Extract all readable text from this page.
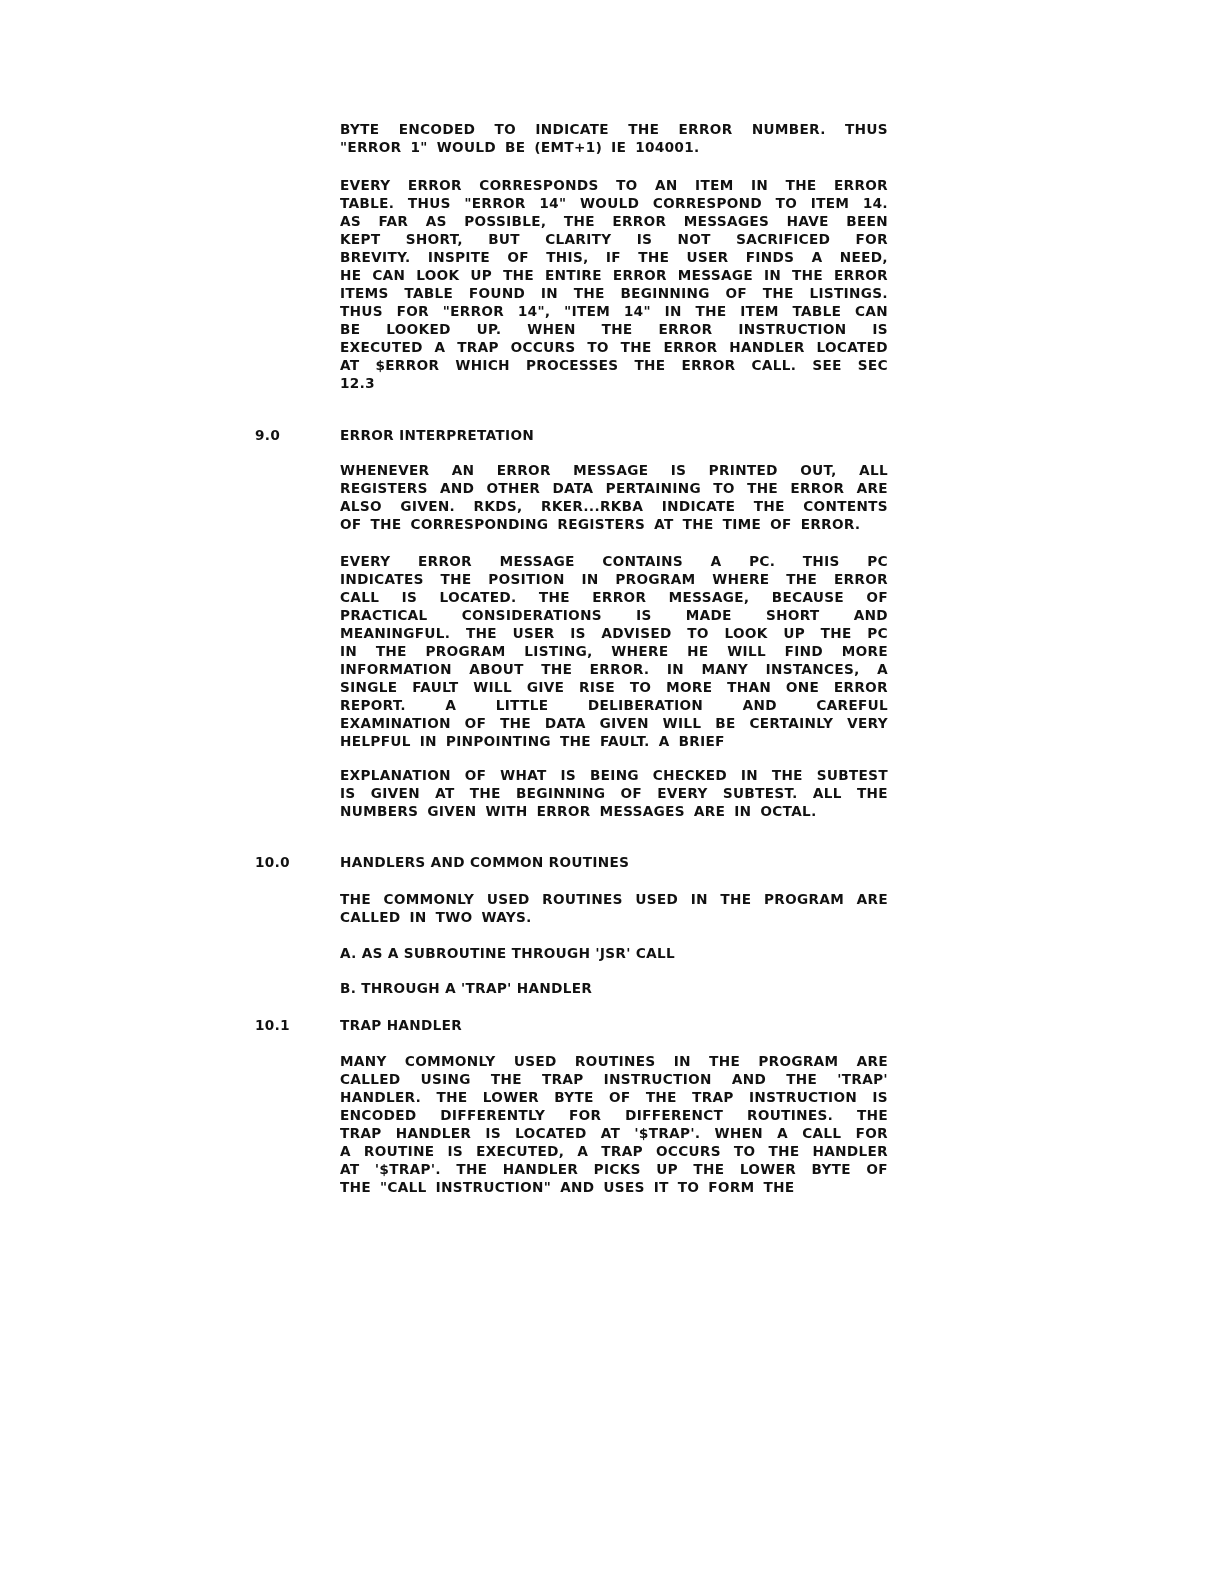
BYTE ENCODED TO INDICATE THE ERROR NUMBER. THUS
"ERROR 1" WOULD BE (EMT+1) IE 104001.
EVERY ERROR CORRESPONDS TO AN ITEM IN THE ERROR
TABLE. THUS "ERROR 14" WOULD CORRESPOND TO ITEM 14.
AS FAR AS POSSIBLE, THE ERROR MESSAGES HAVE BEEN
KEPT SHORT, BUT CLARITY IS NOT SACRIFICED FOR
BREVITY. INSPITE OF THIS, IF THE USER FINDS A NEED,
HE CAN LOOK UP THE ENTIRE ERROR MESSAGE IN THE ERROR
ITEMS TABLE FOUND IN THE BEGINNING OF THE LISTINGS.
THUS FOR "ERROR 14", "ITEM 14" IN THE ITEM TABLE CAN
BE LOOKED UP. WHEN THE ERROR INSTRUCTION IS
EXECUTED A TRAP OCCURS TO THE ERROR HANDLER LOCATED
AT $ERROR WHICH PROCESSES THE ERROR CALL. SEE SEC
12.3
9.0	ERROR INTERPRETATION
WHENEVER AN ERROR MESSAGE IS PRINTED OUT, ALL
REGISTERS AND OTHER DATA PERTAINING TO THE ERROR ARE
ALSO GIVEN. RKDS, RKER...RKBA INDICATE THE CONTENTS
OF THE CORRESPONDING REGISTERS AT THE TIME OF ERROR.
EVERY ERROR MESSAGE CONTAINS A PC. THIS PC
INDICATES THE POSITION IN PROGRAM WHERE THE ERROR
CALL IS LOCATED. THE ERROR MESSAGE, BECAUSE OF
PRACTICAL	CONSIDERATIONS	IS	MADE	SHORT	AND
MEANINGFUL. THE USER IS ADVISED TO LOOK UP THE PC
IN THE PROGRAM LISTING, WHERE HE WILL FIND MORE
INFORMATION ABOUT THE ERROR. IN MANY INSTANCES, A
SINGLE FAULT WILL GIVE RISE TO MORE THAN ONE ERROR
REPORT.	A	LITTLE	DELIBERATION	AND	CAREFUL
EXAMINATION OF THE DATA GIVEN WILL BE CERTAINLY VERY
HELPFUL IN PINPOINTING THE FAULT. A BRIEF
EXPLANATION OF WHAT IS BEING CHECKED IN THE SUBTEST
IS GIVEN AT THE BEGINNING OF EVERY SUBTEST. ALL THE
NUMBERS GIVEN WITH ERROR MESSAGES ARE IN OCTAL.
10.0	HANDLERS AND COMMON ROUTINES
THE COMMONLY USED ROUTINES USED IN THE PROGRAM ARE
CALLED IN TWO WAYS.
A. AS A SUBROUTINE THROUGH 'JSR' CALL
B. THROUGH A 'TRAP' HANDLER
10.1	TRAP HANDLER
MANY COMMONLY USED ROUTINES IN THE PROGRAM ARE
CALLED USING THE TRAP INSTRUCTION AND THE 'TRAP'
HANDLER. THE LOWER BYTE OF THE TRAP INSTRUCTION IS
ENCODED DIFFERENTLY FOR DIFFERENCT ROUTINES. THE
TRAP HANDLER IS LOCATED AT '$TRAP'. WHEN A CALL FOR
A ROUTINE IS EXECUTED, A TRAP OCCURS TO THE HANDLER
AT '$TRAP'. THE HANDLER PICKS UP THE LOWER BYTE OF
THE "CALL INSTRUCTION" AND USES IT TO FORM THE
